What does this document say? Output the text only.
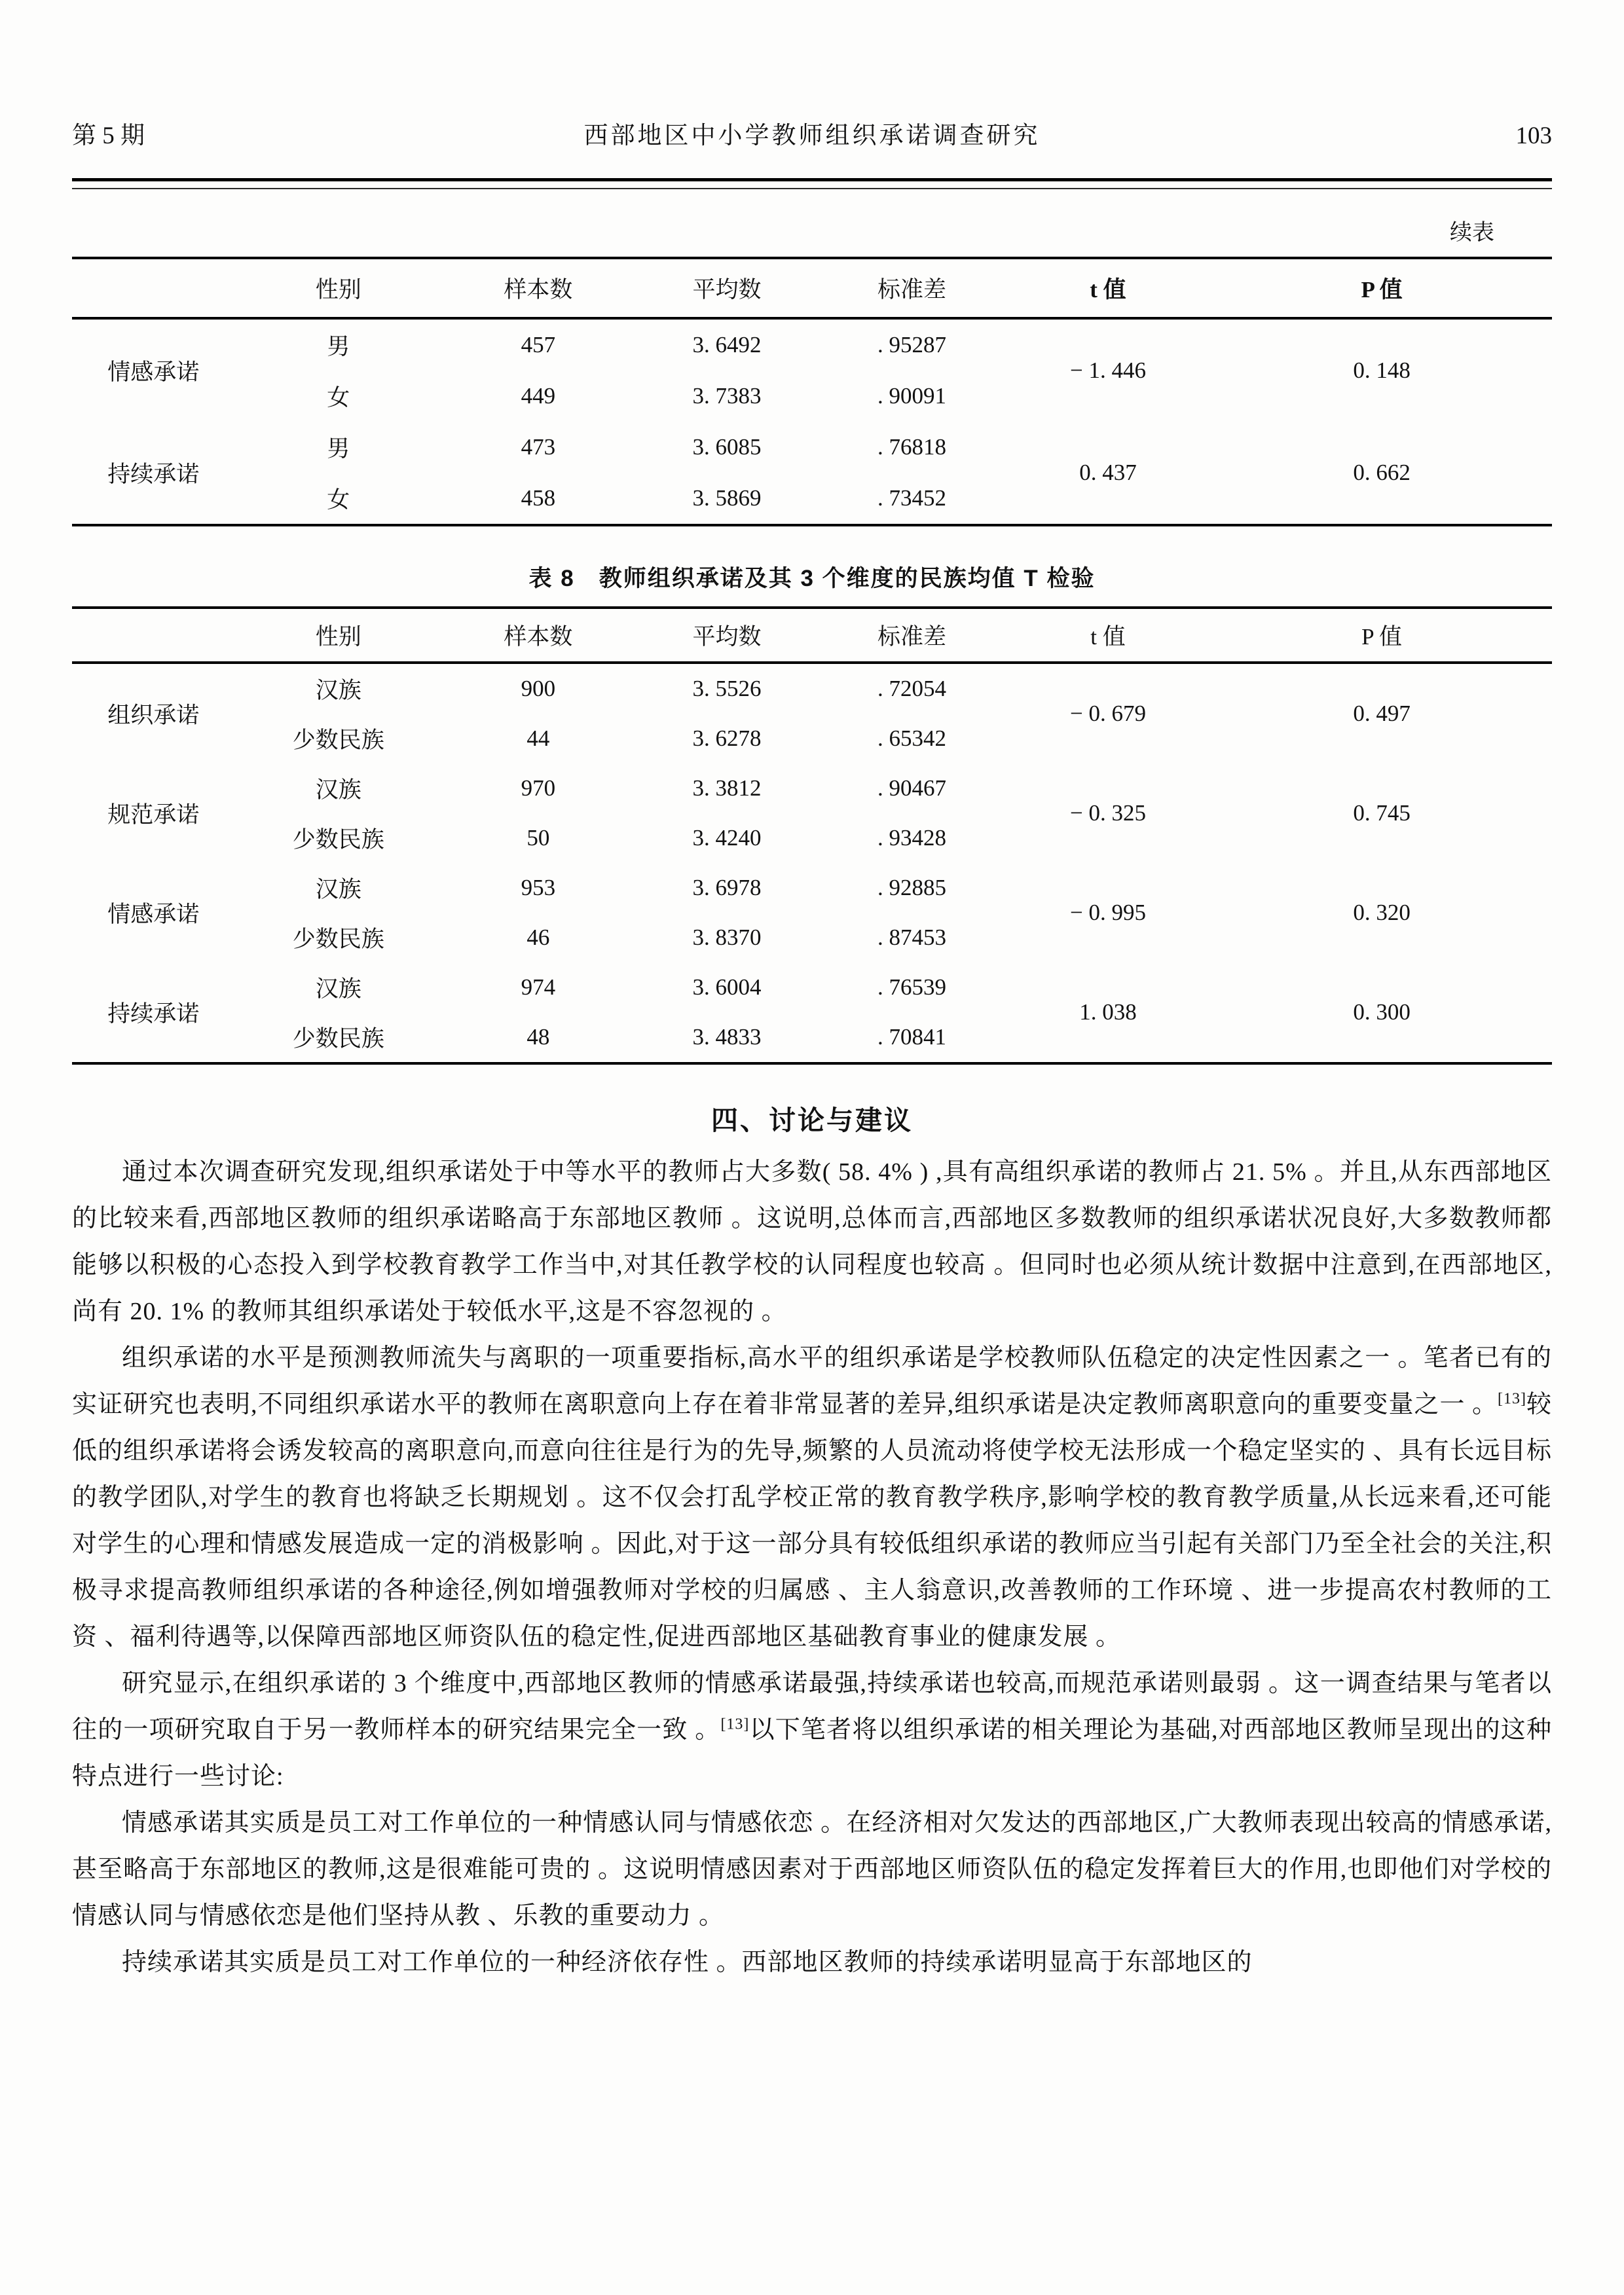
第 5 期	西部地区中小学教师组织承诺调查研究	103
续表
	性别	样本数	平均数	标准差	t 值	P 值
情感承诺	男	457	3. 6492	. 95287	− 1. 446	0. 148
	女	449	3. 7383	. 90091		
持续承诺	男	473	3. 6085	. 76818	0. 437	0. 662
	女	458	3. 5869	. 73452		
表 8　教师组织承诺及其 3 个维度的民族均值 T 检验
	性别	样本数	平均数	标准差	t 值	P 值
组织承诺	汉族	900	3. 5526	. 72054	− 0. 679	0. 497
	少数民族	44	3. 6278	. 65342		
规范承诺	汉族	970	3. 3812	. 90467	− 0. 325	0. 745
	少数民族	50	3. 4240	. 93428		
情感承诺	汉族	953	3. 6978	. 92885	− 0. 995	0. 320
	少数民族	46	3. 8370	. 87453		
持续承诺	汉族	974	3. 6004	. 76539	1. 038	0. 300
	少数民族	48	3. 4833	. 70841		
四、讨论与建议

通过本次调查研究发现,组织承诺处于中等水平的教师占大多数( 58. 4% ) ,具有高组织承诺的教师占 21. 5% 。并且,从东西部地区的比较来看,西部地区教师的组织承诺略高于东部地区教师 。这说明,总体而言,西部地区多数教师的组织承诺状况良好,大多数教师都能够以积极的心态投入到学校教育教学工作当中,对其任教学校的认同程度也较高 。但同时也必须从统计数据中注意到,在西部地区,尚有 20. 1% 的教师其组织承诺处于较低水平,这是不容忽视的 。

组织承诺的水平是预测教师流失与离职的一项重要指标,高水平的组织承诺是学校教师队伍稳定的决定性因素之一 。笔者已有的实证研究也表明,不同组织承诺水平的教师在离职意向上存在着非常显著的差异,组织承诺是决定教师离职意向的重要变量之一 。[13]较低的组织承诺将会诱发较高的离职意向,而意向往往是行为的先导,频繁的人员流动将使学校无法形成一个稳定坚实的 、具有长远目标的教学团队,对学生的教育也将缺乏长期规划 。这不仅会打乱学校正常的教育教学秩序,影响学校的教育教学质量,从长远来看,还可能对学生的心理和情感发展造成一定的消极影响 。因此,对于这一部分具有较低组织承诺的教师应当引起有关部门乃至全社会的关注,积极寻求提高教师组织承诺的各种途径,例如增强教师对学校的归属感 、主人翁意识,改善教师的工作环境 、进一步提高农村教师的工资 、福利待遇等,以保障西部地区师资队伍的稳定性,促进西部地区基础教育事业的健康发展 。

研究显示,在组织承诺的 3 个维度中,西部地区教师的情感承诺最强,持续承诺也较高,而规范承诺则最弱 。这一调查结果与笔者以往的一项研究取自于另一教师样本的研究结果完全一致 。[13]以下笔者将以组织承诺的相关理论为基础,对西部地区教师呈现出的这种特点进行一些讨论:

情感承诺其实质是员工对工作单位的一种情感认同与情感依恋 。在经济相对欠发达的西部地区,广大教师表现出较高的情感承诺,甚至略高于东部地区的教师,这是很难能可贵的 。这说明情感因素对于西部地区师资队伍的稳定发挥着巨大的作用,也即他们对学校的情感认同与情感依恋是他们坚持从教 、乐教的重要动力 。

持续承诺其实质是员工对工作单位的一种经济依存性 。西部地区教师的持续承诺明显高于东部地区的
